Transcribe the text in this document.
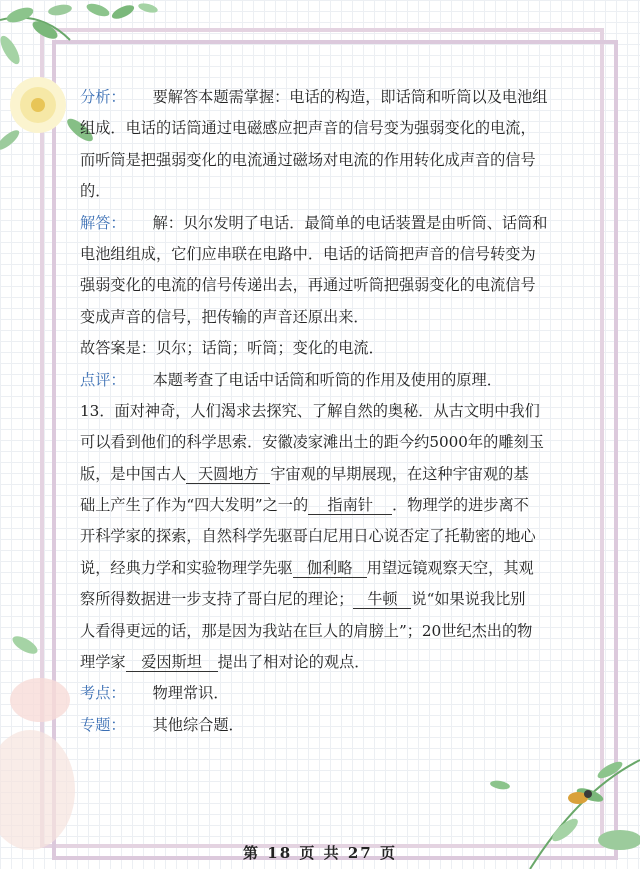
分析： 要解答本题需掌握：电话的构造，即话筒和听筒以及电池组
组成．电话的话筒通过电磁感应把声音的信号变为强弱变化的电流，
而听筒是把强弱变化的电流通过磁场对电流的作用转化成声音的信号
的．
解答： 解：贝尔发明了电话．最简单的电话装置是由听筒、话筒和
电池组组成，它们应串联在电路中．电话的话筒把声音的信号转变为
强弱变化的电流的信号传递出去，再通过听筒把强弱变化的电流信号
变成声音的信号，把传输的声音还原出来．
故答案是：贝尔；话筒；听筒；变化的电流．
点评： 本题考查了电话中话筒和听筒的作用及使用的原理．
13．面对神奇，人们渴求去探究、了解自然的奥秘．从古文明中我们
可以看到他们的科学思索．安徽凌家滩出土的距今约5000年的雕刻玉
版，是中国古人 天圆地方 宇宙观的早期展现，在这种宇宙观的基
础上产生了作为“四大发明”之一的 指南针 ．物理学的进步离不
开科学家的探索，自然科学先驱哥白尼用日心说否定了托勒密的地心
说，经典力学和实验物理学先驱 伽利略 用望远镜观察天空，其观
察所得数据进一步支持了哥白尼的理论； 牛顿 说“如果说我比别
人看得更远的话，那是因为我站在巨人的肩膀上”；20世纪杰出的物
理学家 爱因斯坦 提出了相对论的观点．
考点： 物理常识．
专题： 其他综合题．
第 18 页 共 27 页
